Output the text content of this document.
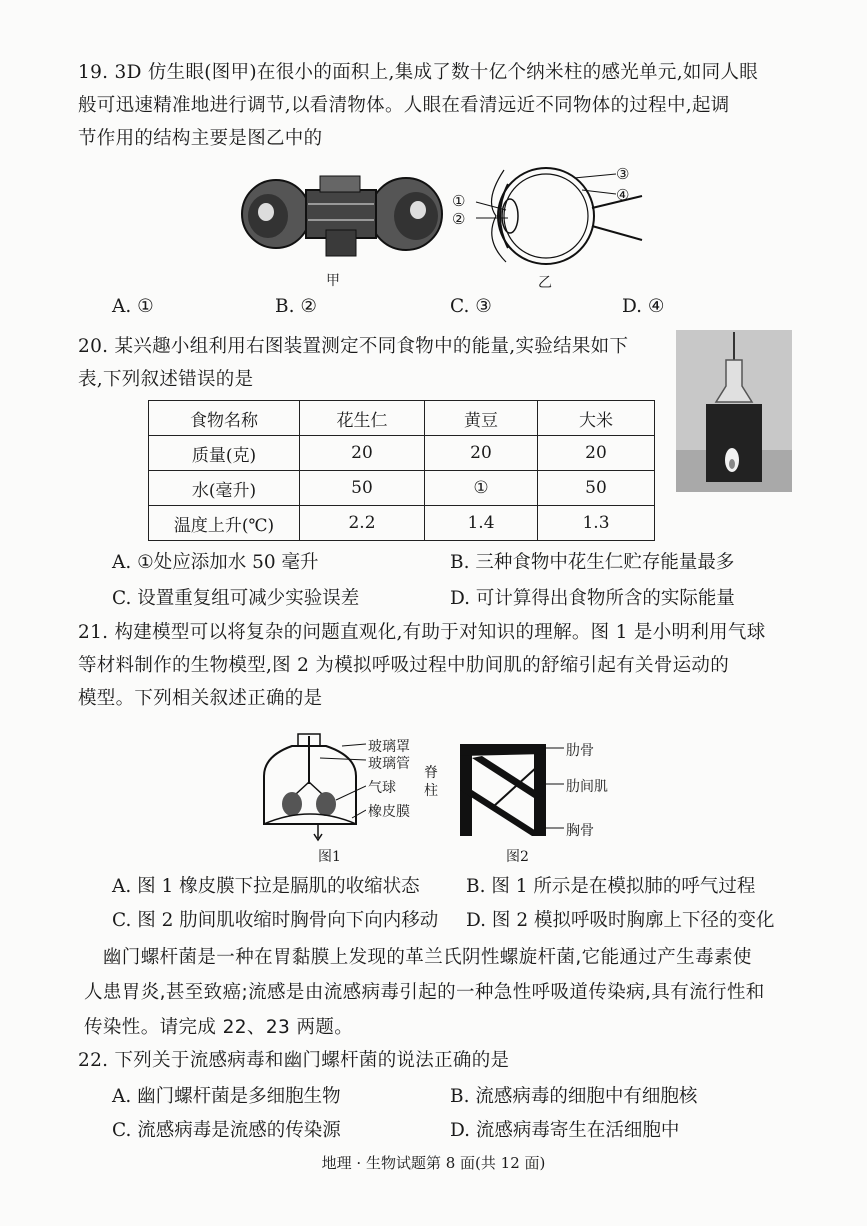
19. 3D 仿生眼(图甲)在很小的面积上,集成了数十亿个纳米柱的感光单元,如同人眼
般可迅速精准地进行调节,以看清物体。人眼在看清远近不同物体的过程中,起调
节作用的结构主要是图乙中的
甲
①
②
③
④
乙
A. ①	B. ②	C. ③	D. ④
20. 某兴趣小组利用右图装置测定不同食物中的能量,实验结果如下
表,下列叙述错误的是
食物名称	花生仁	黄豆	大米
质量(克)	20	20	20
水(毫升)	50	①	50
温度上升(℃)	2.2	1.4	1.3
A. ①处应添加水 50 毫升	B. 三种食物中花生仁贮存能量最多
C. 设置重复组可减少实验误差	D. 可计算得出食物所含的实际能量
21. 构建模型可以将复杂的问题直观化,有助于对知识的理解。图 1 是小明利用气球
等材料制作的生物模型,图 2 为模拟呼吸过程中肋间肌的舒缩引起有关骨运动的
模型。下列相关叙述正确的是
玻璃罩
玻璃管
气球
橡皮膜
图1
脊柱
肋骨
肋间肌
胸骨
图2
A. 图 1 橡皮膜下拉是膈肌的收缩状态	B. 图 1 所示是在模拟肺的呼气过程
C. 图 2 肋间肌收缩时胸骨向下向内移动 D. 图 2 模拟呼吸时胸廓上下径的变化
　幽门螺杆菌是一种在胃黏膜上发现的革兰氏阴性螺旋杆菌,它能通过产生毒素使
人患胃炎,甚至致癌;流感是由流感病毒引起的一种急性呼吸道传染病,具有流行性和
传染性。请完成 22、23 两题。
22. 下列关于流感病毒和幽门螺杆菌的说法正确的是
A. 幽门螺杆菌是多细胞生物	B. 流感病毒的细胞中有细胞核
C. 流感病毒是流感的传染源	D. 流感病毒寄生在活细胞中
地理 · 生物试题第 8 面(共 12 面)
